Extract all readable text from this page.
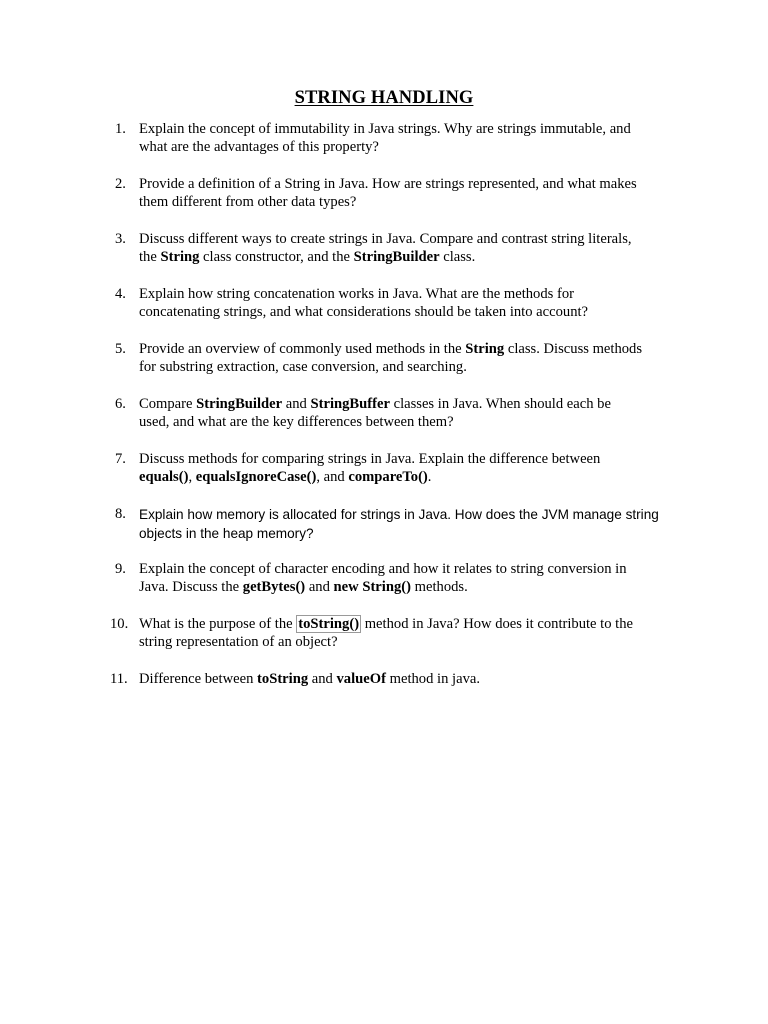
STRING HANDLING
1. Explain the concept of immutability in Java strings. Why are strings immutable, and
what are the advantages of this property?
2. Provide a definition of a String in Java. How are strings represented, and what makes
them different from other data types?
3. Discuss different ways to create strings in Java. Compare and contrast string literals,
the String class constructor, and the StringBuilder class.
4. Explain how string concatenation works in Java. What are the methods for
concatenating strings, and what considerations should be taken into account?
5. Provide an overview of commonly used methods in the String class. Discuss methods
for substring extraction, case conversion, and searching.
6. Compare StringBuilder and StringBuffer classes in Java. When should each be
used, and what are the key differences between them?
7. Discuss methods for comparing strings in Java. Explain the difference between
equals(), equalsIgnoreCase(), and compareTo().
8. Explain how memory is allocated for strings in Java. How does the JVM manage string
objects in the heap memory?
9. Explain the concept of character encoding and how it relates to string conversion in
Java. Discuss the getBytes() and new String() methods.
10. What is the purpose of the toString() method in Java? How does it contribute to the
string representation of an object?
11. Difference between toString and valueOf method in java.
